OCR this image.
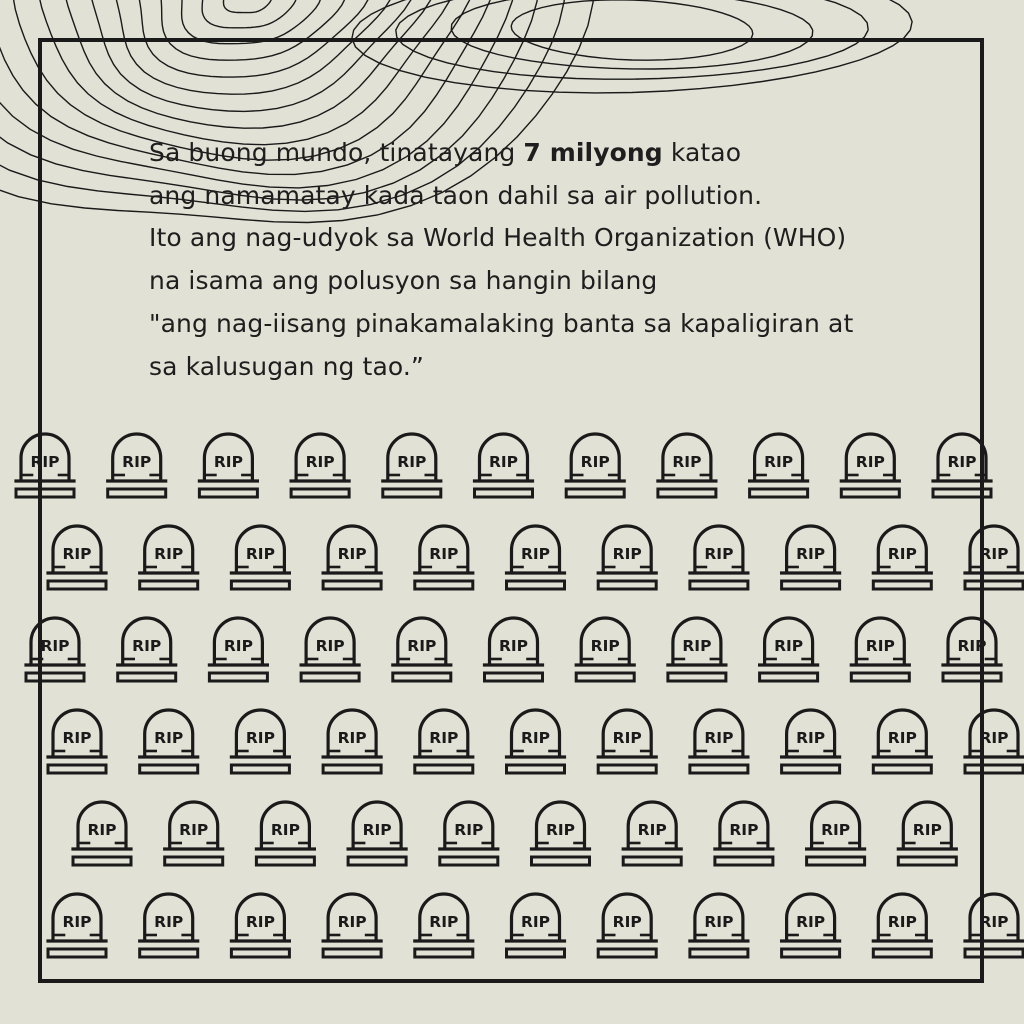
Sa buong mundo, tinatayang 7 milyong katao
ang namamatay kada taon dahil sa air pollution.
Ito ang nag-udyok sa World Health Organization (WHO)
na isama ang polusyon sa hangin bilang
"ang nag-iisang pinakamalaking banta sa kapaligiran at
sa kalusugan ng tao.”
RIP	RIP	RIP	RIP	RIP	RIP	RIP	RIP	RIP	RIP	RIP
RIP	RIP	RIP	RIP	RIP	RIP	RIP	RIP	RIP	RIP	RIP
RIP	RIP	RIP	RIP	RIP	RIP	RIP	RIP	RIP	RIP	RIP
RIP	RIP	RIP	RIP	RIP	RIP	RIP	RIP	RIP	RIP	RIP
RIP	RIP	RIP	RIP	RIP	RIP	RIP	RIP	RIP	RIP
RIP	RIP	RIP	RIP	RIP	RIP	RIP	RIP	RIP	RIP	RIP
